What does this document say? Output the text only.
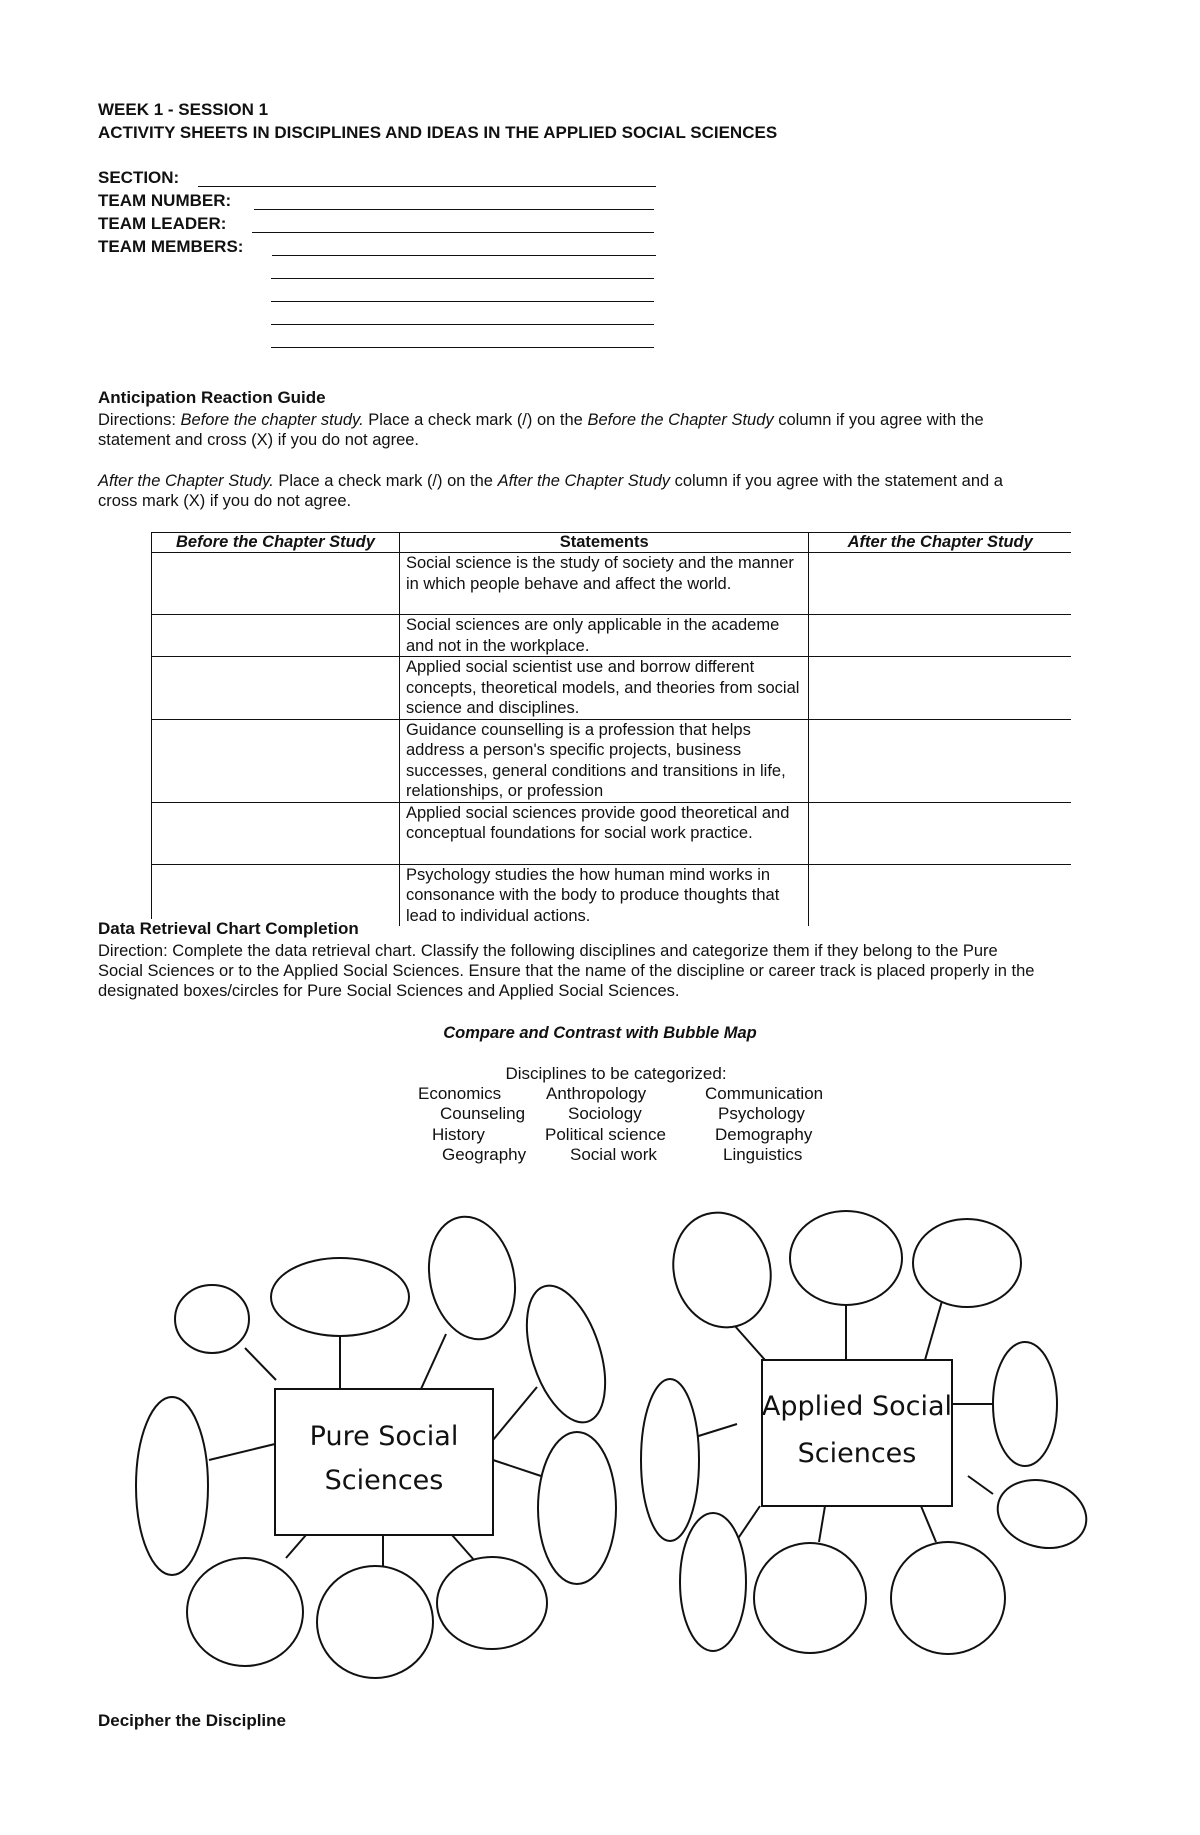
WEEK 1 - SESSION 1
ACTIVITY SHEETS IN DISCIPLINES AND IDEAS IN THE APPLIED SOCIAL SCIENCES
SECTION:
TEAM NUMBER:
TEAM LEADER:
TEAM MEMBERS:
Anticipation Reaction Guide
Directions: Before the chapter study. Place a check mark (/) on the Before the Chapter Study column if you agree with the
statement and cross (X) if you do not agree.
After the Chapter Study. Place a check mark (/) on the After the Chapter Study column if you agree with the statement and a
cross mark (X) if you do not agree.
Before the Chapter Study	Statements	After the Chapter Study
	Social science is the study of society and the manner in which people behave and affect the world.	
	Social sciences are only applicable in the academe and not in the workplace.	
	Applied social scientist use and borrow different concepts, theoretical models, and theories from social science and disciplines.	
	Guidance counselling is a profession that helps address a person's specific projects, business successes, general conditions and transitions in life, relationships, or profession	
	Applied social sciences provide good theoretical and conceptual foundations for social work practice.	
	Psychology studies the how human mind works in consonance with the body to produce thoughts that lead to individual actions.	
Data Retrieval Chart Completion
Direction: Complete the data retrieval chart. Classify the following disciplines and categorize them if they belong to the Pure
Social Sciences or to the Applied Social Sciences. Ensure that the name of the discipline or career track is placed properly in the
designated boxes/circles for Pure Social Sciences and Applied Social Sciences.
Compare and Contrast with Bubble Map
Disciplines to be categorized:
Economics	Anthropology	Communication
Counseling	Sociology	Psychology
History	Political science	Demography
Geography	Social work	Linguistics
Pure Social
Sciences
Applied Social
Sciences
Decipher the Discipline
